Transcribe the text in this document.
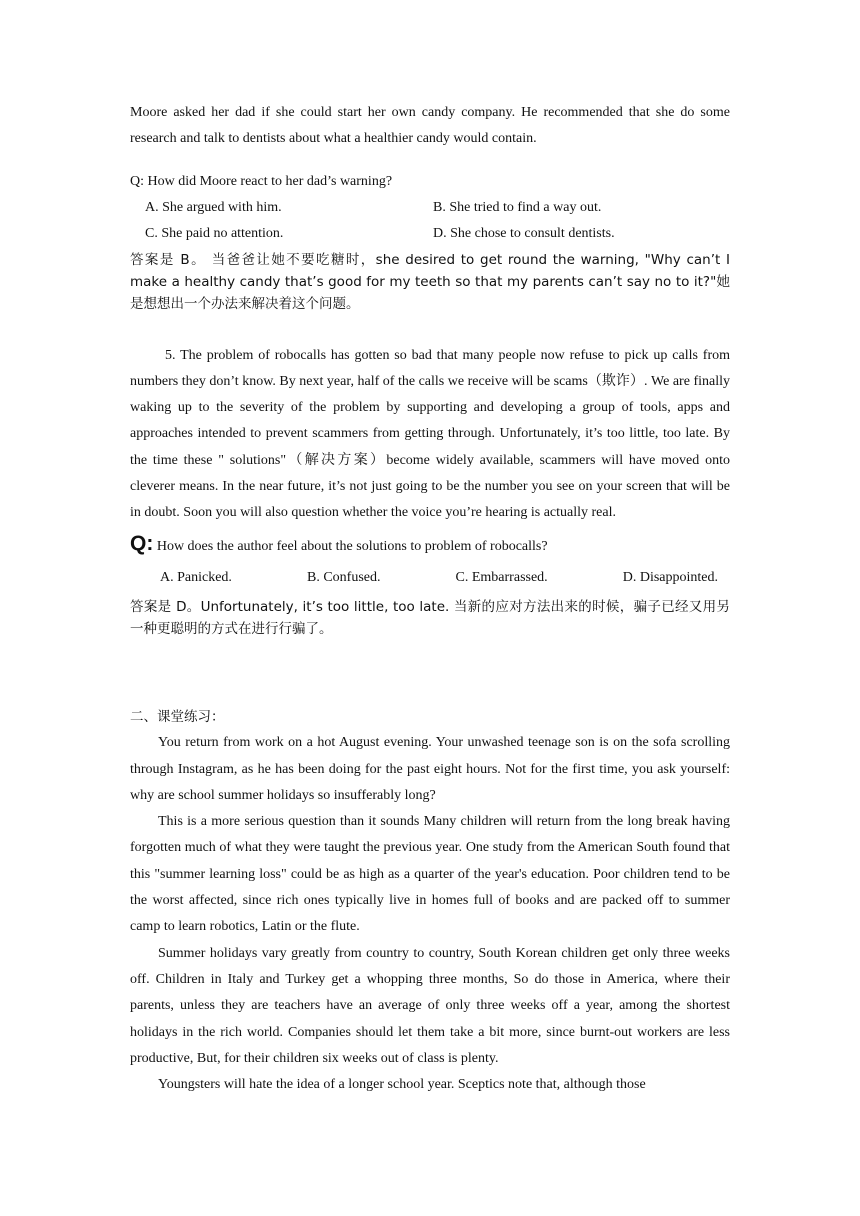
Moore asked her dad if she could start her own candy company. He recommended that she do some research and talk to dentists about what a healthier candy would contain.

Q: How did Moore react to her dad’s warning?

A. She argued with him.	B. She tried to find a way out.
C. She paid no attention.	D. She chose to consult dentists.

答案是 B。 当爸爸让她不要吃糖时，she desired to get round the warning, "Why can’t I make a healthy candy that’s good for my teeth so that my parents can’t say no to it?"她是想想出一个办法来解决着这个问题。

5. The problem of robocalls has gotten so bad that many people now refuse to pick up calls from numbers they don’t know. By next year, half of the calls we receive will be scams（欺诈）. We are finally waking up to the severity of the problem by supporting and developing a group of tools, apps and approaches intended to prevent scammers from getting through. Unfortunately, it’s too little, too late. By the time these " solutions"（解决方案）become widely available, scammers will have moved onto cleverer means. In the near future, it’s not just going to be the number you see on your screen that will be in doubt. Soon you will also question whether the voice you’re hearing is actually real.

Q: How does the author feel about the solutions to problem of robocalls?

A. Panicked.	B. Confused.	C. Embarrassed.	D. Disappointed.

答案是 D。Unfortunately, it’s too little, too late. 当新的应对方法出来的时候，骗子已经又用另一种更聪明的方式在进行行骗了。

二、课堂练习：

You return from work on a hot August evening. Your unwashed teenage son is on the sofa scrolling through Instagram, as he has been doing for the past eight hours. Not for the first time, you ask yourself: why are school summer holidays so insufferably long?

This is a more serious question than it sounds Many children will return from the long break having forgotten much of what they were taught the previous year. One study from the American South found that this "summer learning loss" could be as high as a quarter of the year's education. Poor children tend to be the worst affected, since rich ones typically live in homes full of books and are packed off to summer camp to learn robotics, Latin or the flute.

Summer holidays vary greatly from country to country, South Korean children get only three weeks off. Children in Italy and Turkey get a whopping three months, So do those in America, where their parents, unless they are teachers have an average of only three weeks off a year, among the shortest holidays in the rich world. Companies should let them take a bit more, since burnt-out workers are less productive, But, for their children six weeks out of class is plenty.

Youngsters will hate the idea of a longer school year. Sceptics note that, although those
